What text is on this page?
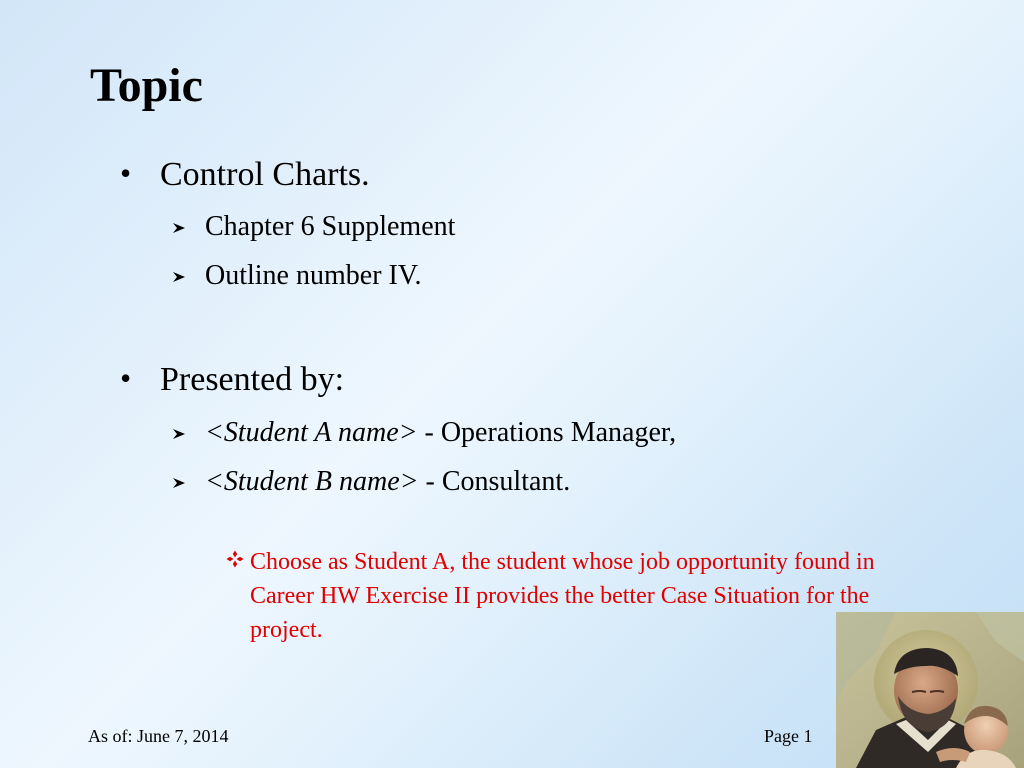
Topic
• Control Charts.
Chapter 6 Supplement
Outline number IV.
• Presented by:
<Student A name> - Operations Manager,
<Student B name> - Consultant.
Choose as Student A, the student whose job opportunity found in Career HW Exercise II provides the better Case Situation for the project.
As of: June 7, 2014	Page 1
